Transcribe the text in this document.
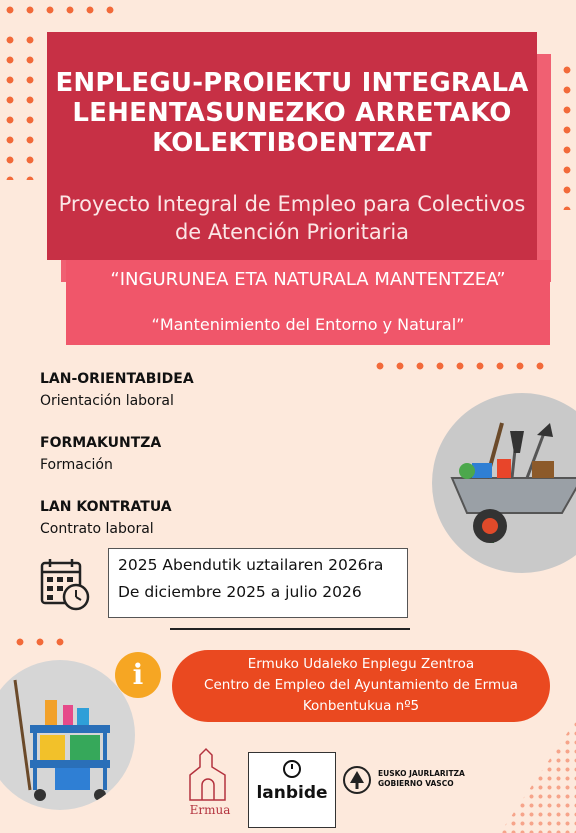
ENPLEGU-PROIEKTU INTEGRALA LEHENTASUNEZKO ARRETAKO KOLEKTIBOENTZAT
Proyecto Integral de Empleo para Colectivos de Atención Prioritaria
“INGURUNEA ETA NATURALA MANTENTZEA”
“Mantenimiento del Entorno y Natural”
LAN-ORIENTABIDEA
Orientación laboral
FORMAKUNTZA
Formación
LAN KONTRATUA
Contrato laboral
2025 Abendutik uztailaren 2026ra
De diciembre 2025 a julio 2026
i	Ermuko Udaleko Enplegu Zentroa
Centro de Empleo del Ayuntamiento de Ermua
Konbentukua nº5
Ermua
lanbide
EUSKO JAURLARITZA
GOBIERNO VASCO
